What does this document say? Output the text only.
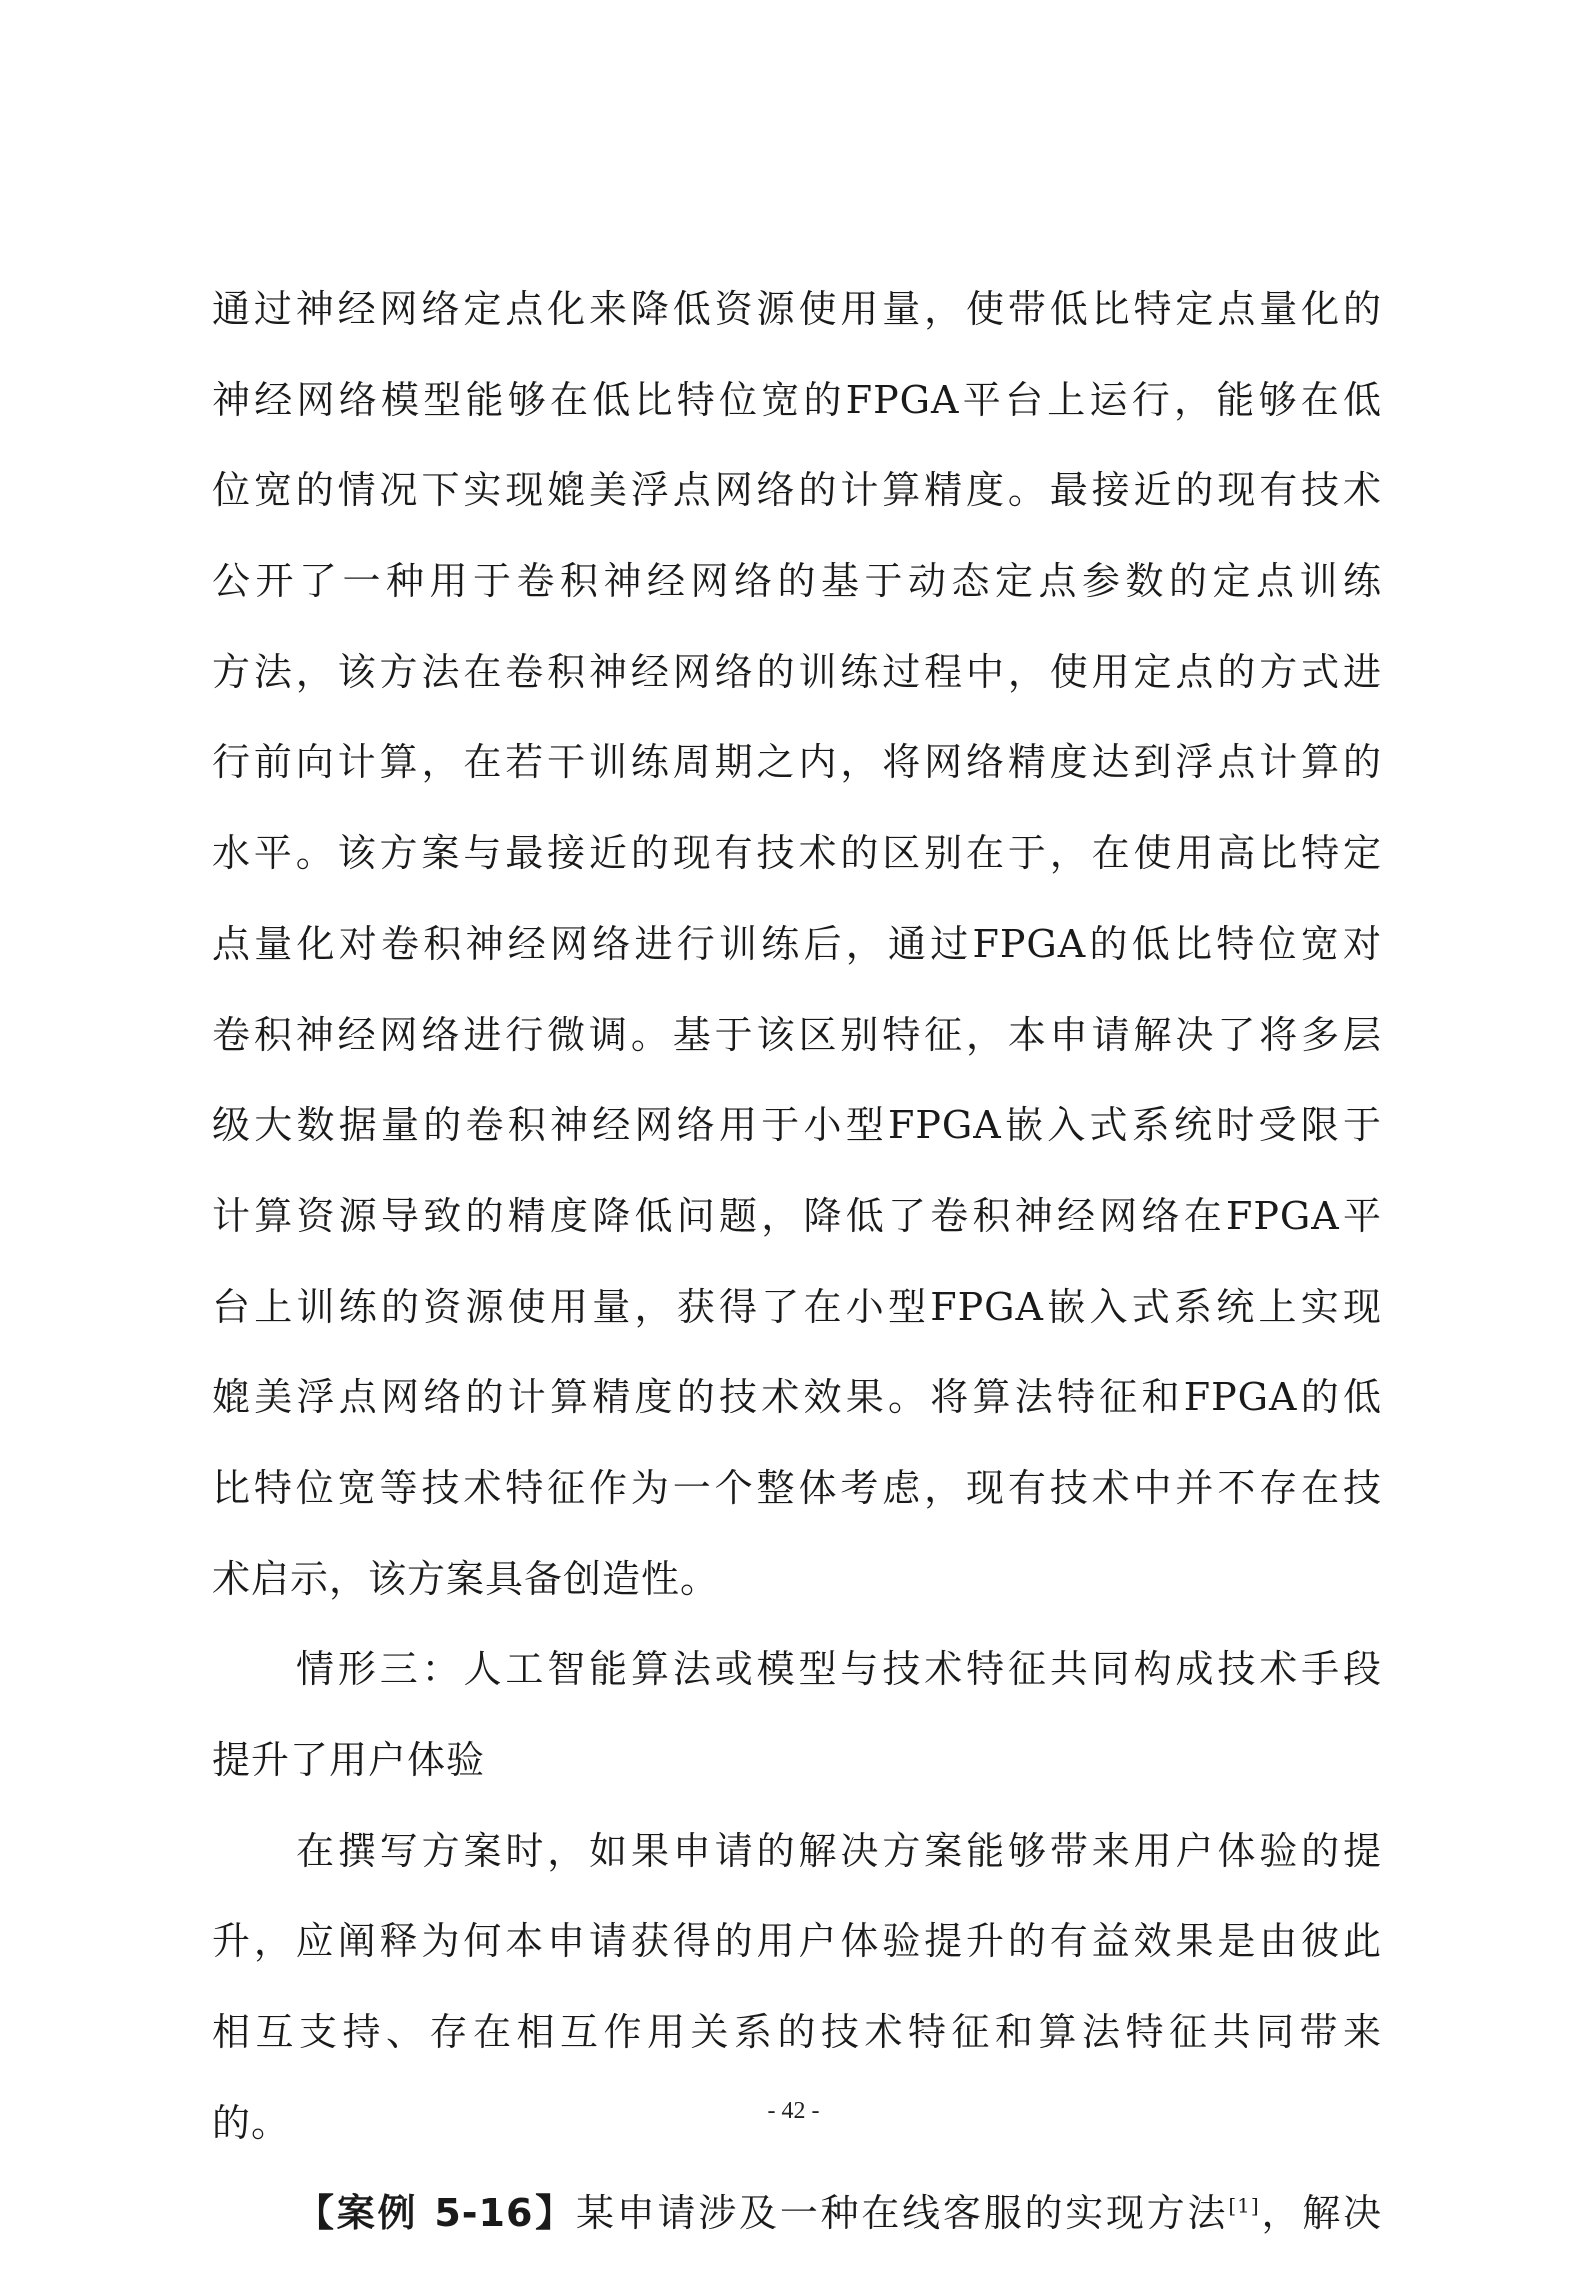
通过神经网络定点化来降低资源使用量，使带低比特定点量化的
神经网络模型能够在低比特位宽的FPGA平台上运行，能够在低
位宽的情况下实现媲美浮点网络的计算精度。最接近的现有技术
公开了一种用于卷积神经网络的基于动态定点参数的定点训练
方法，该方法在卷积神经网络的训练过程中，使用定点的方式进
行前向计算，在若干训练周期之内，将网络精度达到浮点计算的
水平。该方案与最接近的现有技术的区别在于，在使用高比特定
点量化对卷积神经网络进行训练后，通过FPGA的低比特位宽对
卷积神经网络进行微调。基于该区别特征，本申请解决了将多层
级大数据量的卷积神经网络用于小型FPGA嵌入式系统时受限于
计算资源导致的精度降低问题，降低了卷积神经网络在FPGA平
台上训练的资源使用量，获得了在小型FPGA嵌入式系统上实现
媲美浮点网络的计算精度的技术效果。将算法特征和FPGA的低
比特位宽等技术特征作为一个整体考虑，现有技术中并不存在技
术启示，该方案具备创造性。
情形三：人工智能算法或模型与技术特征共同构成技术手段
提升了用户体验
在撰写方案时，如果申请的解决方案能够带来用户体验的提
升，应阐释为何本申请获得的用户体验提升的有益效果是由彼此
相互支持、存在相互作用关系的技术特征和算法特征共同带来
的。
【案例 5-16】某申请涉及一种在线客服的实现方法[1]，解决
- 42 -
